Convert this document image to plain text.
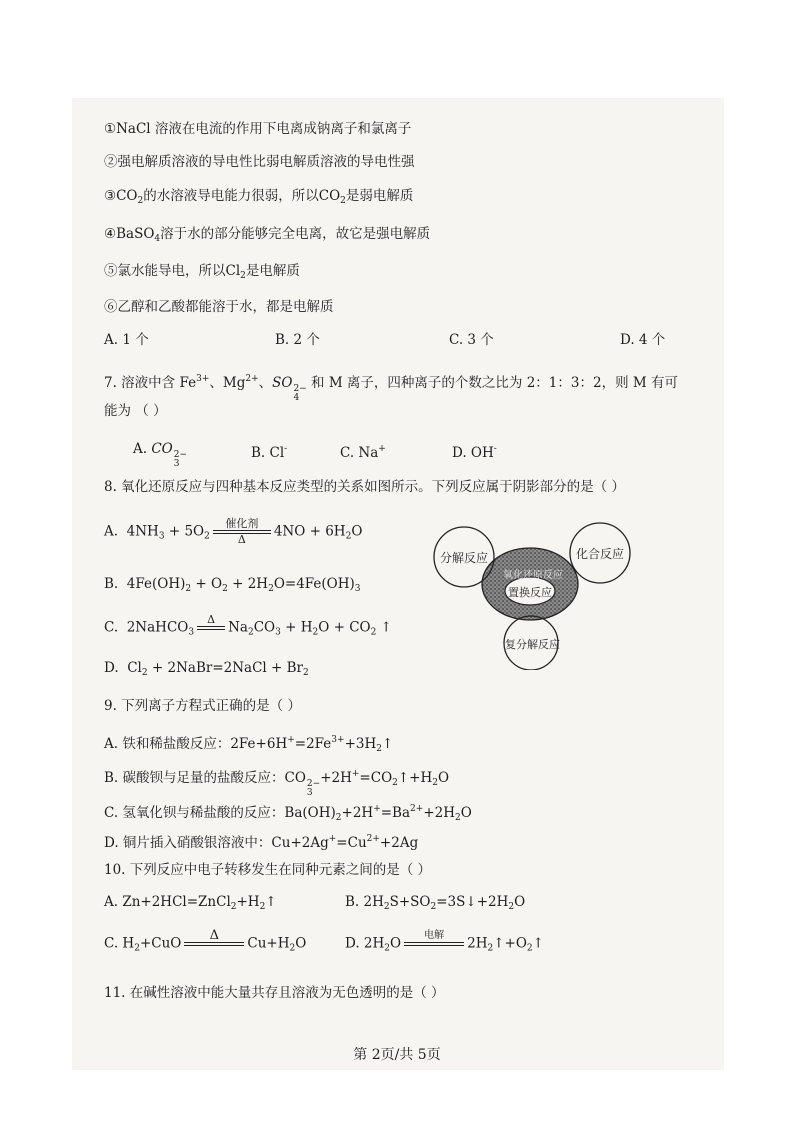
①NaCl 溶液在电流的作用下电离成钠离子和氯离子
②强电解质溶液的导电性比弱电解质溶液的导电性强
$③CO_2$的水溶液导电能力很弱，所以$CO_2$是弱电解质
④BaSO$_4$溶于水的部分能够完全电离，故它是强电解质
⑤氯水能导电，所以$Cl_2$是电解质
⑥乙醇和乙酸都能溶于水，都是电解质
A. 1 个	B. 2 个	C. 3 个	D. 4 个
7. 溶液中含 $Fe^{3+}$、$Mg^{2+}$、SO 2−
4
和 M 离子，四种离子的个数之比为 2：1：3：2，则 M 有可
能为 （ ）
A. CO 2−
3
B. Cl-	C. Na+	D. OH-
8. 氧化还原反应与四种基本反应类型的关系如图所示。下列反应属于阴影部分的是（ ）
A.  $4NH_3 + 5O_2$
催化剂
Δ $4NO + 6H_2O$
B.  $4Fe(OH)_2 + O_2 + 2H_2O=4Fe(OH)_3$
C.  2NaHCO$_3$
Δ
$Na_2CO_3 + H_2O + CO_2$ ↑
D.  $Cl_2$ + 2NaBr=2NaCl + $Br_2$
分解反应	化合反应
氧化还原反应
置换反应
复分解反应
9. 下列离子方程式正确的是（ ）
A. 铁和稀盐酸反应：$2Fe+6H^+=2Fe^{3+}+3H_2↑$
B. 碳酸钡与足量的盐酸反应：CO 2−
3
$+2H^+=CO_2↑+H_2O$
C. 氢氧化钡与稀盐酸的反应：$Ba(OH)_2+2H^+=Ba^{2+}+2H_2O$
D. 铜片插入硝酸银溶液中：$Cu+2Ag^+=Cu^{2+}+2Ag$
10. 下列反应中电子转移发生在同种元素之间的是（ ）
A. $Zn+2HCl=ZnCl_2+H_2↑$	B. $2H_2S+SO_2=3S↓+2H_2O$
C. $H_2+CuO$ Δ
$Cu+H_2O$	D. $2H_2O$ 电解
$2H_2↑+O_2↑$
11. 在碱性溶液中能大量共存且溶液为无色透明的是（ ）
第 2页/共 5页
